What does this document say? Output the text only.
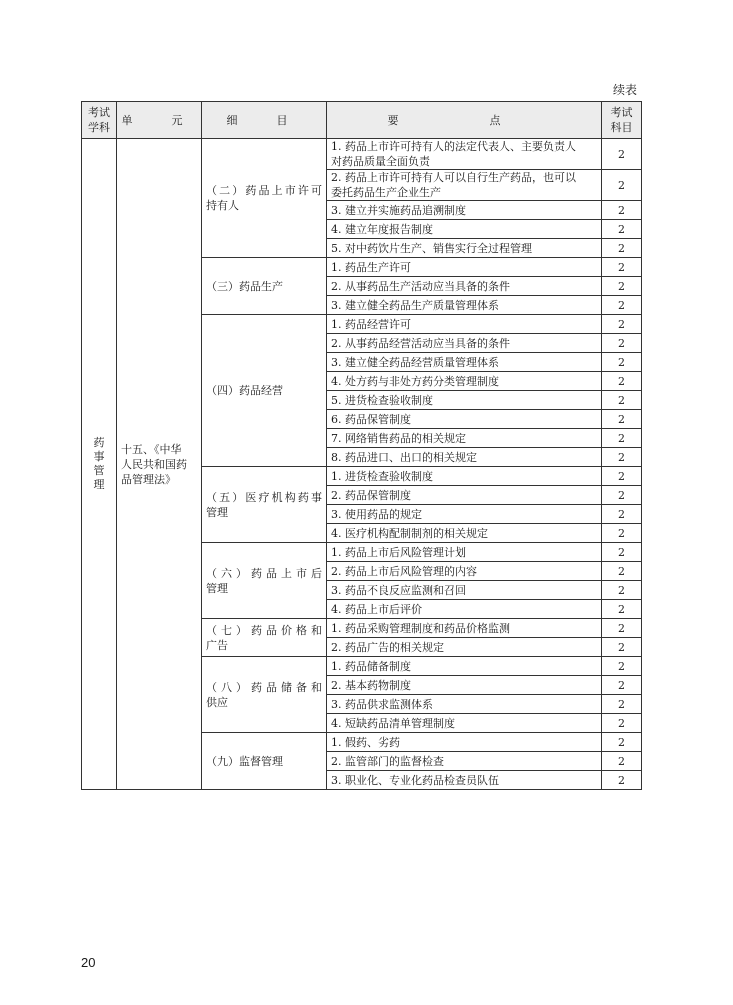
续表
考试
学科	单　元	细　目	要　点	考试
科目

药
事
管
理	十五、《中华
人民共和国药
品管理法》	（二）药品上市许可
持有人	1. 药品上市许可持有人的法定代表人、主要负责人
对药品质量全面负责	2

			2. 药品上市许可持有人可以自行生产药品，也可以
委托药品生产企业生产	2

			3. 建立并实施药品追溯制度	2

			4. 建立年度报告制度	2

			5. 对中药饮片生产、销售实行全过程管理	2

		（三）药品生产	1. 药品生产许可	2

			2. 从事药品生产活动应当具备的条件	2

			3. 建立健全药品生产质量管理体系	2

		（四）药品经营	1. 药品经营许可	2

			2. 从事药品经营活动应当具备的条件	2

			3. 建立健全药品经营质量管理体系	2

			4. 处方药与非处方药分类管理制度	2

			5. 进货检查验收制度	2

			6. 药品保管制度	2

			7. 网络销售药品的相关规定	2

			8. 药品进口、出口的相关规定	2

		（五）医疗机构药事
管理	1. 进货检查验收制度	2

			2. 药品保管制度	2

			3. 使用药品的规定	2

			4. 医疗机构配制制剂的相关规定	2

		（六）药品上市后
管理	1. 药品上市后风险管理计划	2

			2. 药品上市后风险管理的内容	2

			3. 药品不良反应监测和召回	2

			4. 药品上市后评价	2

		（七）药品价格和
广告	1. 药品采购管理制度和药品价格监测	2

			2. 药品广告的相关规定	2

		（八）药品储备和
供应	1. 药品储备制度	2

			2. 基本药物制度	2

			3. 药品供求监测体系	2

			4. 短缺药品清单管理制度	2

		（九）监督管理	1. 假药、劣药	2

			2. 监管部门的监督检查	2

			3. 职业化、专业化药品检查员队伍	2
20
